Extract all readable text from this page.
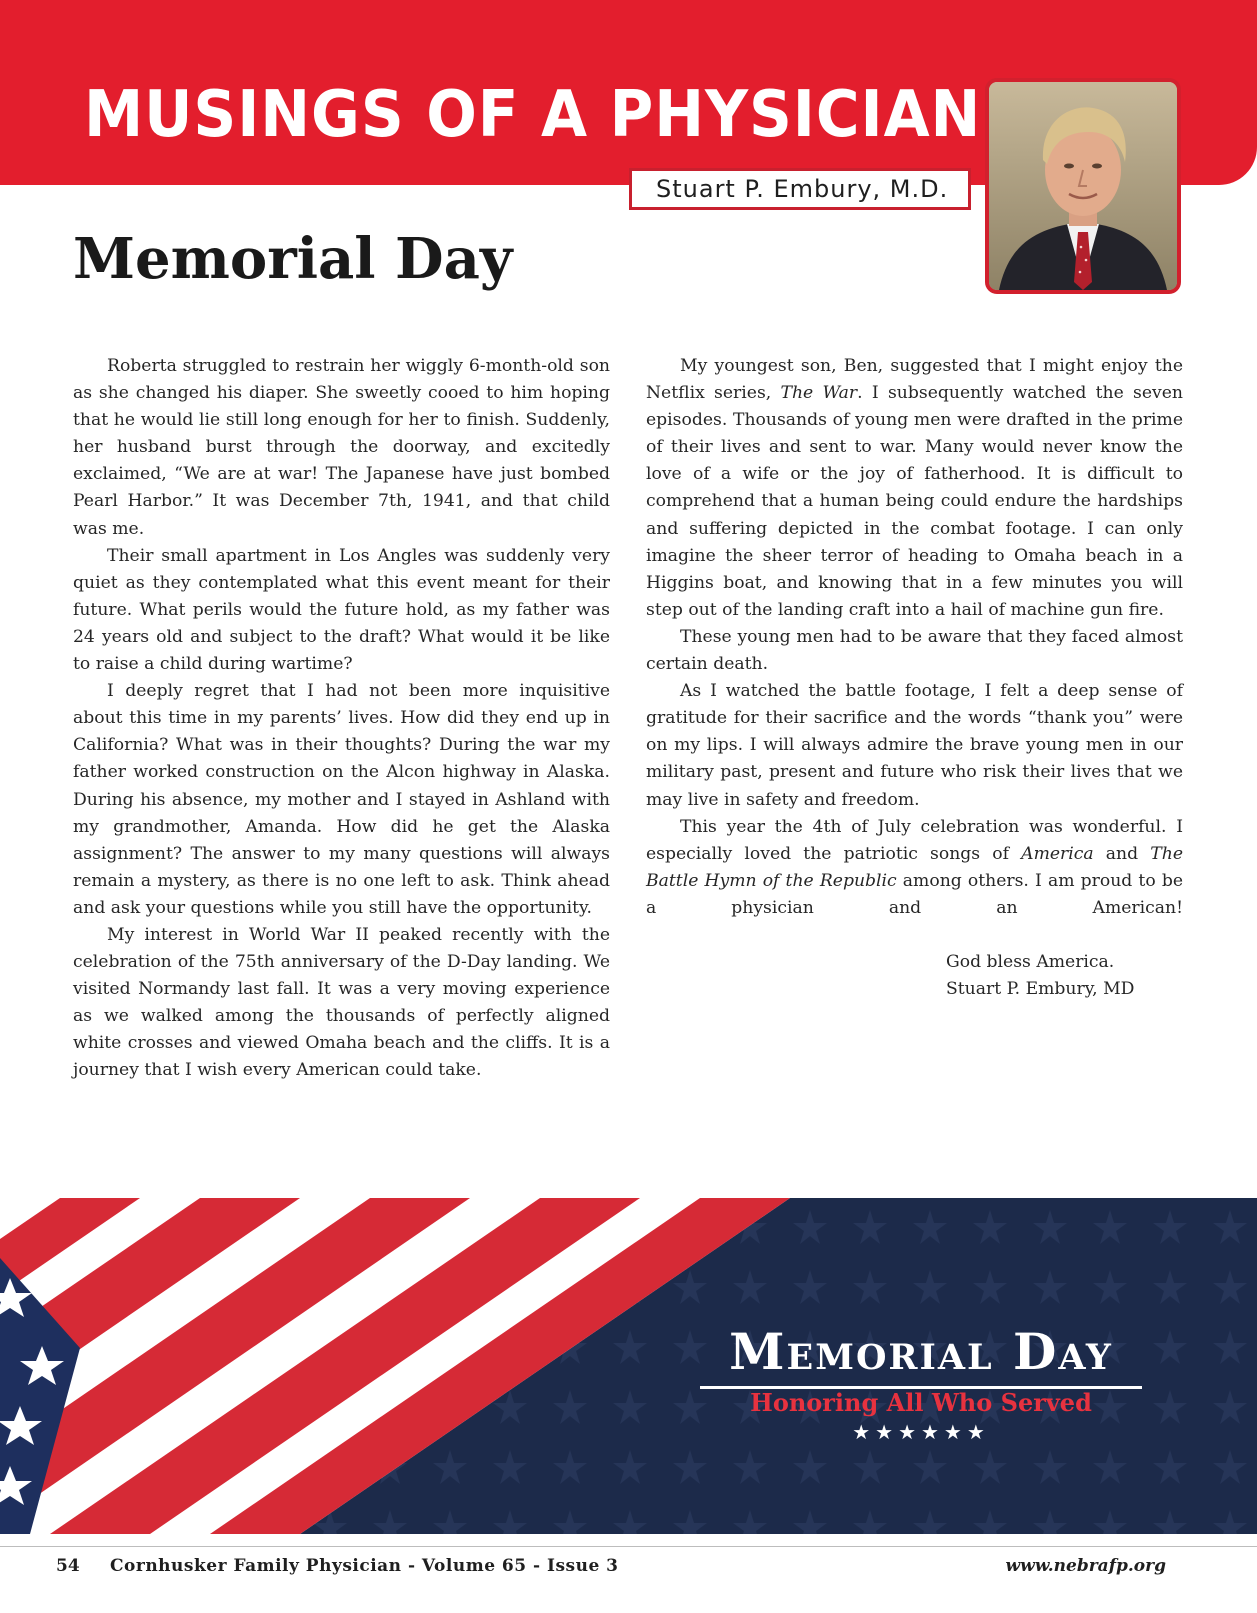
MUSINGS OF A PHYSICIAN
Stuart P. Embury, M.D.
Memorial Day

Roberta struggled to restrain her wiggly 6-month-old son as she changed his diaper. She sweetly cooed to him hoping that he would lie still long enough for her to finish. Suddenly, her husband burst through the doorway, and excitedly exclaimed, “We are at war! The Japanese have just bombed Pearl Harbor.” It was December 7th, 1941, and that child was me.

Their small apartment in Los Angles was suddenly very quiet as they contemplated what this event meant for their future. What perils would the future hold, as my father was 24 years old and subject to the draft? What would it be like to raise a child during wartime?

I deeply regret that I had not been more inquisitive about this time in my parents’ lives. How did they end up in California? What was in their thoughts? During the war my father worked construction on the Alcon highway in Alaska. During his absence, my mother and I stayed in Ashland with my grandmother, Amanda. How did he get the Alaska assignment? The answer to my many questions will always remain a mystery, as there is no one left to ask. Think ahead and ask your questions while you still have the opportunity.

My interest in World War II peaked recently with the celebration of the 75th anniversary of the D-Day landing. We visited Normandy last fall. It was a very moving experience as we walked among the thousands of perfectly aligned white crosses and viewed Omaha beach and the cliffs. It is a journey that I wish every American could take.

My youngest son, Ben, suggested that I might enjoy the Netflix series, The War. I subsequently watched the seven episodes. Thousands of young men were drafted in the prime of their lives and sent to war. Many would never know the love of a wife or the joy of fatherhood. It is difficult to comprehend that a human being could endure the hardships and suffering depicted in the combat footage. I can only imagine the sheer terror of heading to Omaha beach in a Higgins boat, and knowing that in a few minutes you will step out of the landing craft into a hail of machine gun fire.

These young men had to be aware that they faced almost certain death.

As I watched the battle footage, I felt a deep sense of gratitude for their sacrifice and the words “thank you” were on my lips. I will always admire the brave young men in our military past, present and future who risk their lives that we may live in safety and freedom.

This year the 4th of July celebration was wonderful. I especially loved the patriotic songs of America and The Battle Hymn of the Republic among others. I am proud to be a physician and an American!

God bless America.
Stuart P. Embury, MD
Memorial Day
Honoring All Who Served
★★★★★★
54 Cornhusker Family Physician - Volume 65 - Issue 3	www.nebrafp.org
